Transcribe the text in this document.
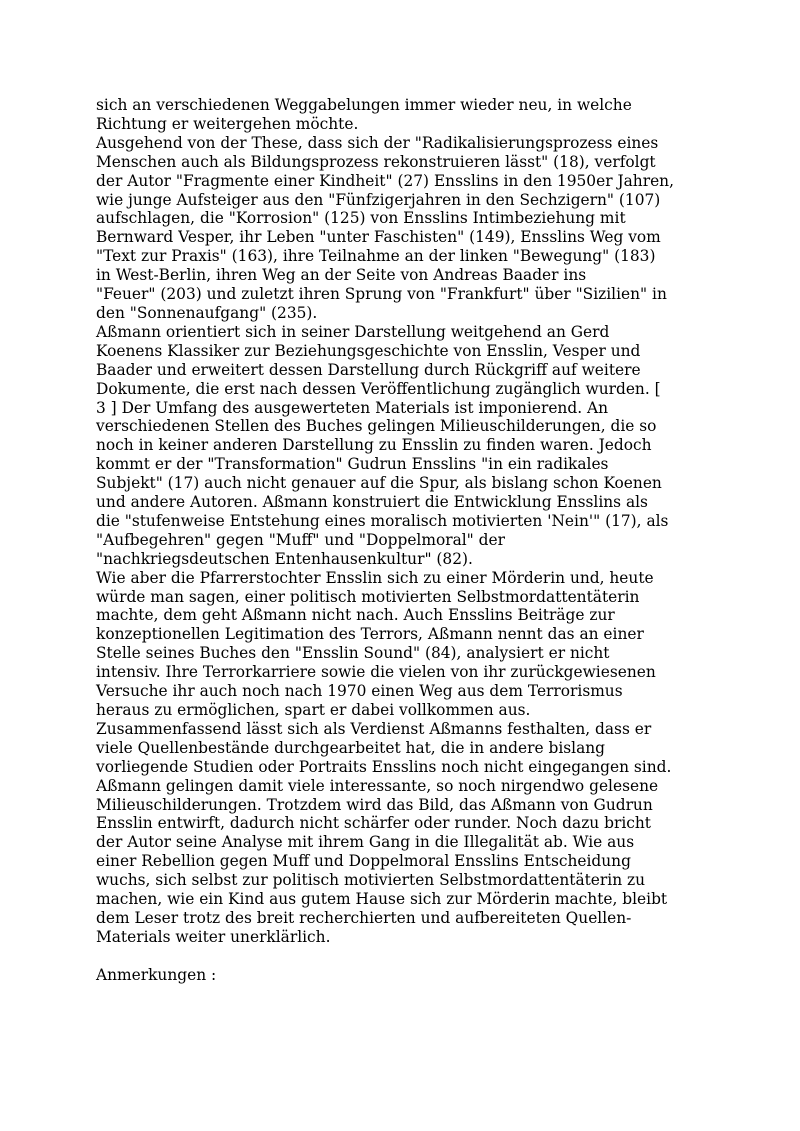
sich an verschiedenen Weggabelungen immer wieder neu, in welche
Richtung er weitergehen möchte.
Ausgehend von der These, dass sich der "Radikalisierungsprozess eines
Menschen auch als Bildungsprozess rekonstruieren lässt" (18), verfolgt
der Autor "Fragmente einer Kindheit" (27) Ensslins in den 1950er Jahren,
wie junge Aufsteiger aus den "Fünfzigerjahren in den Sechzigern" (107)
aufschlagen, die "Korrosion" (125) von Ensslins Intimbeziehung mit
Bernward Vesper, ihr Leben "unter Faschisten" (149), Ensslins Weg vom
"Text zur Praxis" (163), ihre Teilnahme an der linken "Bewegung" (183)
in West-Berlin, ihren Weg an der Seite von Andreas Baader ins
"Feuer" (203) und zuletzt ihren Sprung von "Frankfurt" über "Sizilien" in
den "Sonnenaufgang" (235).
Aßmann orientiert sich in seiner Darstellung weitgehend an Gerd
Koenens Klassiker zur Beziehungsgeschichte von Ensslin, Vesper und
Baader und erweitert dessen Darstellung durch Rückgriff auf weitere
Dokumente, die erst nach dessen Veröffentlichung zugänglich wurden. [
3 ] Der Umfang des ausgewerteten Materials ist imponierend. An
verschiedenen Stellen des Buches gelingen Milieuschilderungen, die so
noch in keiner anderen Darstellung zu Ensslin zu finden waren. Jedoch
kommt er der "Transformation" Gudrun Ensslins "in ein radikales
Subjekt" (17) auch nicht genauer auf die Spur, als bislang schon Koenen
und andere Autoren. Aßmann konstruiert die Entwicklung Ensslins als
die "stufenweise Entstehung eines moralisch motivierten 'Nein'" (17), als
"Aufbegehren" gegen "Muff" und "Doppelmoral" der
"nachkriegsdeutschen Entenhausenkultur" (82).
Wie aber die Pfarrerstochter Ensslin sich zu einer Mörderin und, heute
würde man sagen, einer politisch motivierten Selbstmordattentäterin
machte, dem geht Aßmann nicht nach. Auch Ensslins Beiträge zur
konzeptionellen Legitimation des Terrors, Aßmann nennt das an einer
Stelle seines Buches den "Ensslin Sound" (84), analysiert er nicht
intensiv. Ihre Terrorkarriere sowie die vielen von ihr zurückgewiesenen
Versuche ihr auch noch nach 1970 einen Weg aus dem Terrorismus
heraus zu ermöglichen, spart er dabei vollkommen aus.
Zusammenfassend lässt sich als Verdienst Aßmanns festhalten, dass er
viele Quellenbestände durchgearbeitet hat, die in andere bislang
vorliegende Studien oder Portraits Ensslins noch nicht eingegangen sind.
Aßmann gelingen damit viele interessante, so noch nirgendwo gelesene
Milieuschilderungen. Trotzdem wird das Bild, das Aßmann von Gudrun
Ensslin entwirft, dadurch nicht schärfer oder runder. Noch dazu bricht
der Autor seine Analyse mit ihrem Gang in die Illegalität ab. Wie aus
einer Rebellion gegen Muff und Doppelmoral Ensslins Entscheidung
wuchs, sich selbst zur politisch motivierten Selbstmordattentäterin zu
machen, wie ein Kind aus gutem Hause sich zur Mörderin machte, bleibt
dem Leser trotz des breit recherchierten und aufbereiteten Quellen-
Materials weiter unerklärlich.
Anmerkungen :
